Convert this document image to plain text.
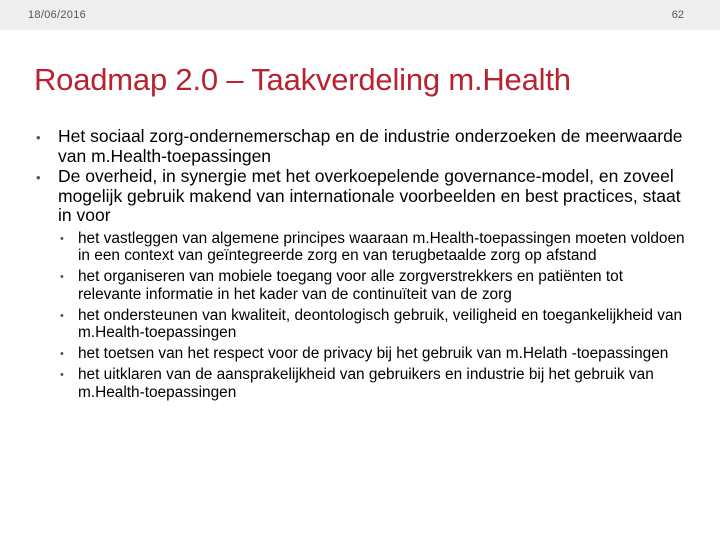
18/06/2016	62
Roadmap 2.0 – Taakverdeling m.Health
• Het sociaal zorg-ondernemerschap en de industrie onderzoeken de meerwaarde van m.Health-toepassingen
• De overheid, in synergie met het overkoepelende governance-model, en zoveel mogelijk gebruik makend van internationale voorbeelden en best practices, staat in voor
• het vastleggen van algemene principes waaraan m.Health-toepassingen moeten voldoen in een context van geïntegreerde zorg en van terugbetaalde zorg op afstand
• het organiseren van mobiele toegang voor alle zorgverstrekkers en patiënten tot relevante informatie in het kader van de continuïteit van de zorg
• het ondersteunen van kwaliteit, deontologisch gebruik, veiligheid en toegankelijkheid van m.Health-toepassingen
• het toetsen van het respect voor de privacy bij het gebruik van m.Helath -toepassingen
• het uitklaren van de aansprakelijkheid van gebruikers en industrie bij het gebruik van m.Health-toepassingen
